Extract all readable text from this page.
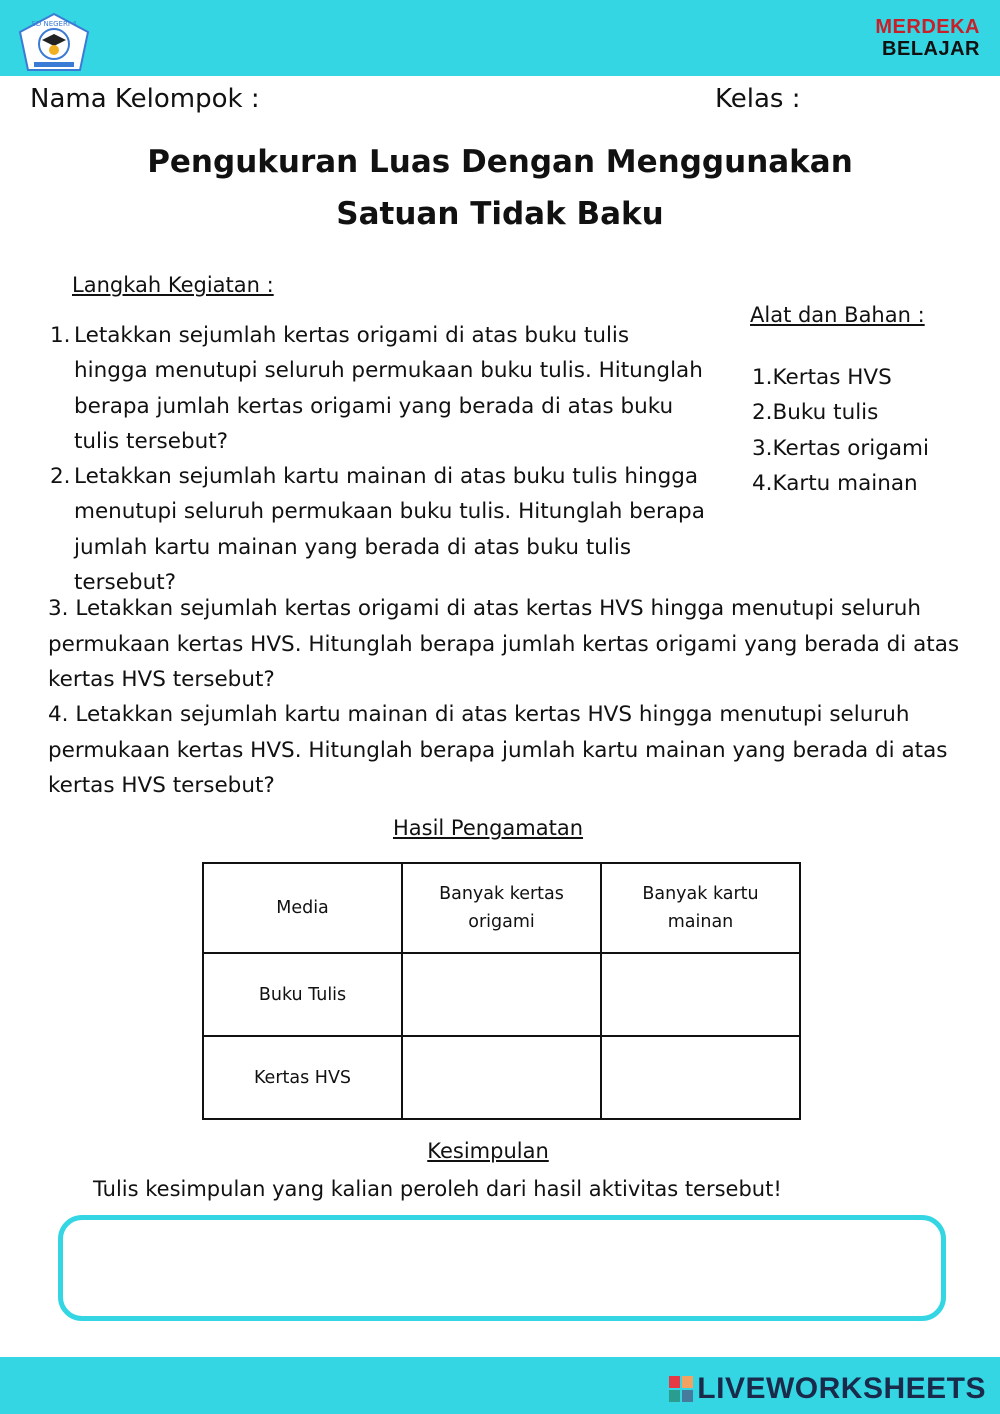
SD NEGERI 4	MERDEKA
BELAJAR
Nama Kelompok :	Kelas :
Pengukuran Luas Dengan Menggunakan
Satuan Tidak Baku
Langkah Kegiatan :
1. Letakkan sejumlah kertas origami di atas buku tulis hingga menutupi seluruh permukaan buku tulis. Hitunglah berapa jumlah kertas origami yang berada di atas buku tulis tersebut?
2. Letakkan sejumlah kartu mainan di atas buku tulis hingga menutupi seluruh permukaan buku tulis. Hitunglah berapa jumlah kartu mainan yang berada di atas buku tulis tersebut?
Alat dan Bahan :
1.Kertas HVS
2.Buku tulis
3.Kertas origami
4.Kartu mainan

3. Letakkan sejumlah kertas origami di atas kertas HVS hingga menutupi seluruh permukaan kertas HVS. Hitunglah berapa jumlah kertas origami yang berada di atas kertas HVS tersebut?

4. Letakkan sejumlah kartu mainan di atas kertas HVS hingga menutupi seluruh permukaan kertas HVS. Hitunglah berapa jumlah kartu mainan yang berada di atas kertas HVS tersebut?

Hasil Pengamatan
Media	Banyak kertas origami	Banyak kartu mainan
Buku Tulis		
Kertas HVS		
Kesimpulan
Tulis kesimpulan yang kalian peroleh dari hasil aktivitas tersebut!
LIVEWORKSHEETS
